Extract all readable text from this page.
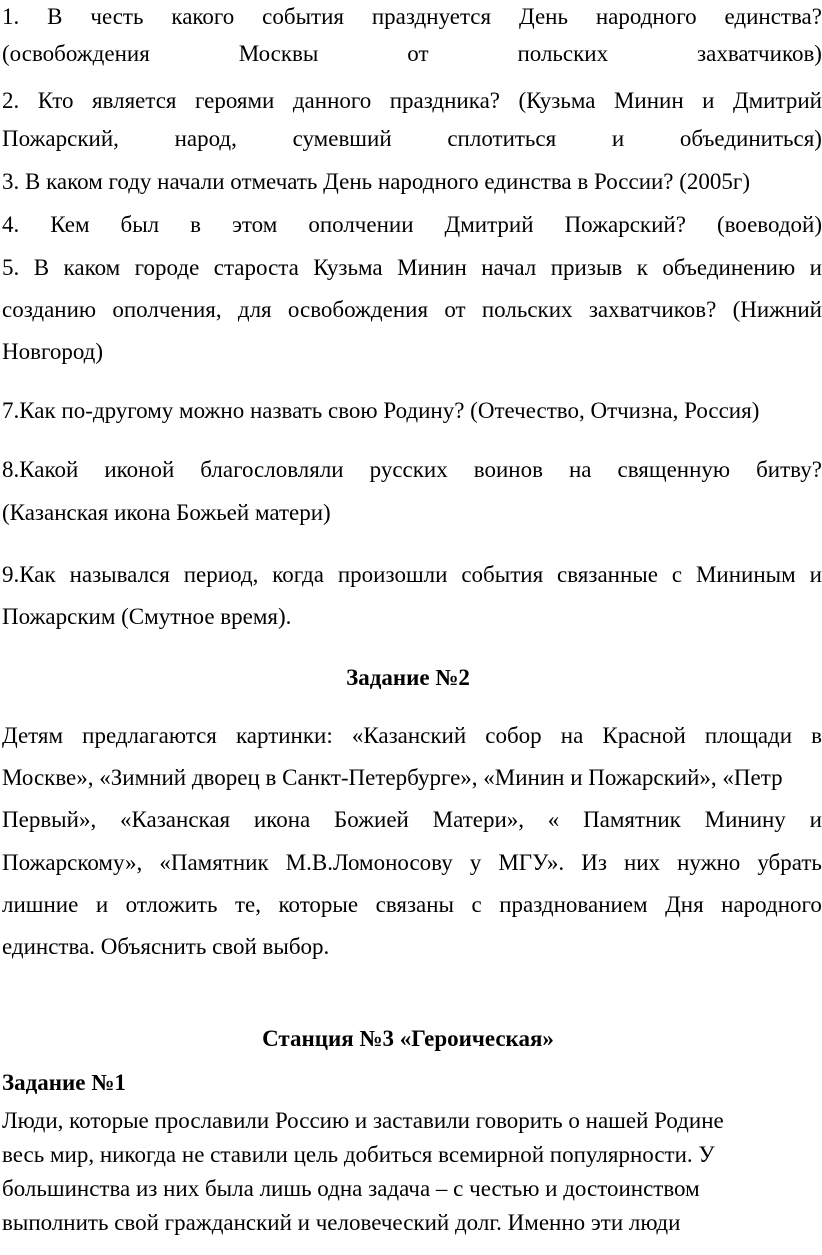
1. В честь какого события празднуется День народного единства?
(освобождения	Москвы	от	польских	захватчиков)
2. Кто является героями данного праздника? (Кузьма Минин и Дмитрий
Пожарский, народ, сумевший сплотиться и объединиться)
3. В каком году начали отмечать День народного единства в России? (2005г)
4. Кем был в этом ополчении Дмитрий Пожарский? (воеводой)
5. В каком городе староста Кузьма Минин начал призыв к объединению и
созданию ополчения, для освобождения от польских захватчиков? (Нижний
Новгород)
7.Как по-другому можно назвать свою Родину? (Отечество, Отчизна, Россия)
8.Какой иконой благословляли русских воинов на священную битву?
(Казанская икона Божьей матери)
9.Как назывался период, когда произошли события связанные с Мининым и
Пожарским (Смутное время).
Задание №2
Детям предлагаются картинки: «Казанский собор на Красной площади в
Москве», «Зимний дворец в Санкт-Петербурге», «Минин и Пожарский», «Петр
Первый», «Казанская икона Божией Матери», « Памятник Минину и
Пожарскому», «Памятник М.В.Ломоносову у МГУ». Из них нужно убрать
лишние и отложить те, которые связаны с празднованием Дня народного
единства. Объяснить свой выбор.
Станция №3 «Героическая»
Задание №1
Люди, которые прославили Россию и заставили говорить о нашей Родине
весь мир, никогда не ставили цель добиться всемирной популярности. У
большинства из них была лишь одна задача – с честью и достоинством
выполнить свой гражданский и человеческий долг. Именно эти люди
